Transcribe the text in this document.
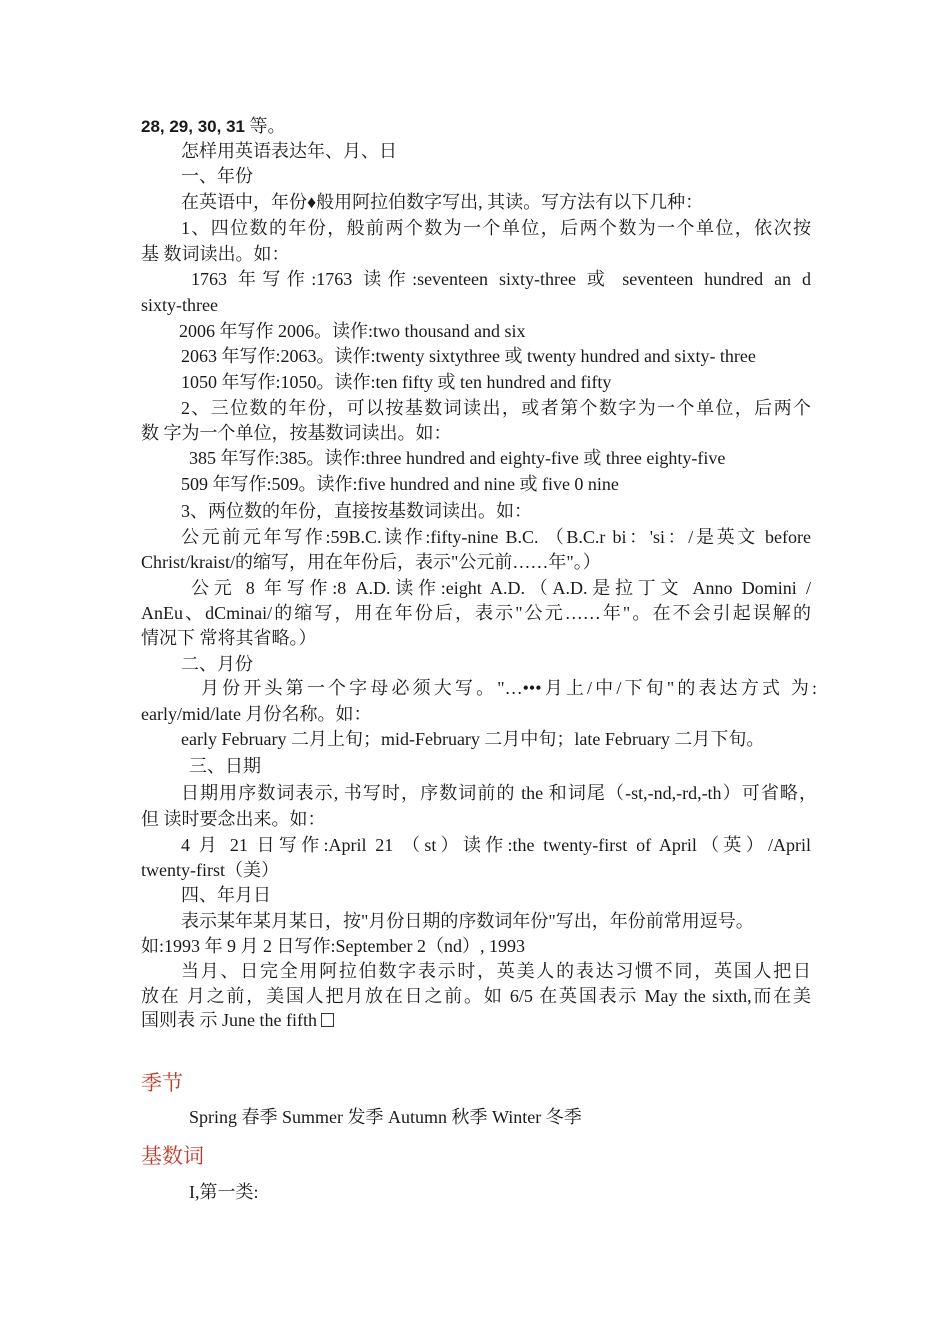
28, 29, 30, 31 等。
怎样用英语表达年、月、日
一、年份
在英语中，年份♦般用阿拉伯数字写出, 其读。写方法有以下几种：
1、四位数的年份，般前两个数为一个单位，后两个数为一个单位，依次按
基 数词读出。如：
1763 年写作:1763 读作:seventeen sixty-three 或 seventeen hundred an d
sixty-three
2006 年写作 2006。读作:two thousand and six
2063 年写作:2063。读作:twenty sixtythree 或 twenty hundred and sixty- three
1050 年写作:1050。读作:ten fifty 或 ten hundred and fifty
2、三位数的年份，可以按基数词读出，或者第个数字为一个单位，后两个
数 字为一个单位，按基数词读出。如：
385 年写作:385。读作:three hundred and eighty-five 或 three eighty-five
509 年写作:509。读作:five hundred and nine 或 five 0 nine
3、两位数的年份，直接按基数词读出。如：
公元前元年写作:59B.C.读作:fifty-nine B.C. （B.C.r bi：'si：/是英文 before
Christ/kraist/的缩写，用在年份后，表示"公元前……年"。）
公元 8 年写作:8 A.D.读作:eight A.D.（A.D.是拉丁文 Anno Domini /
AnEu、dCminai/的缩写，用在年份后，表示"公元……年"。在不会引起误解的
情况下 常将其省略。）
二、月份
月份开头第一个字母必须大写。"…•••月上/中/下旬"的表达方式 为:
early/mid/late 月份名称。如：
early February 二月上旬；mid-February 二月中旬；late February 二月下旬。
三、日期
日期用序数词表示, 书写时，序数词前的 the 和词尾（-st,-nd,-rd,-th）可省略，
但 读时要念出来。如：
4 月 21 日写作:April 21 （st）读作:the twenty-first of April（英）/April
twenty-first（美）
四、年月日
表示某年某月某日，按"月份日期的序数词年份"写出，年份前常用逗号。
如:1993 年 9 月 2 日写作:September 2（nd）, 1993
当月、日完全用阿拉伯数字表示时，英美人的表达习惯不同，英国人把日
放在 月之前，美国人把月放在日之前。如 6/5 在英国表示 May the sixth,而在美
国则表 示 June the fifth
季节
Spring 春季 Summer 发季 Autumn 秋季 Winter 冬季
基数词
I,第一类:
